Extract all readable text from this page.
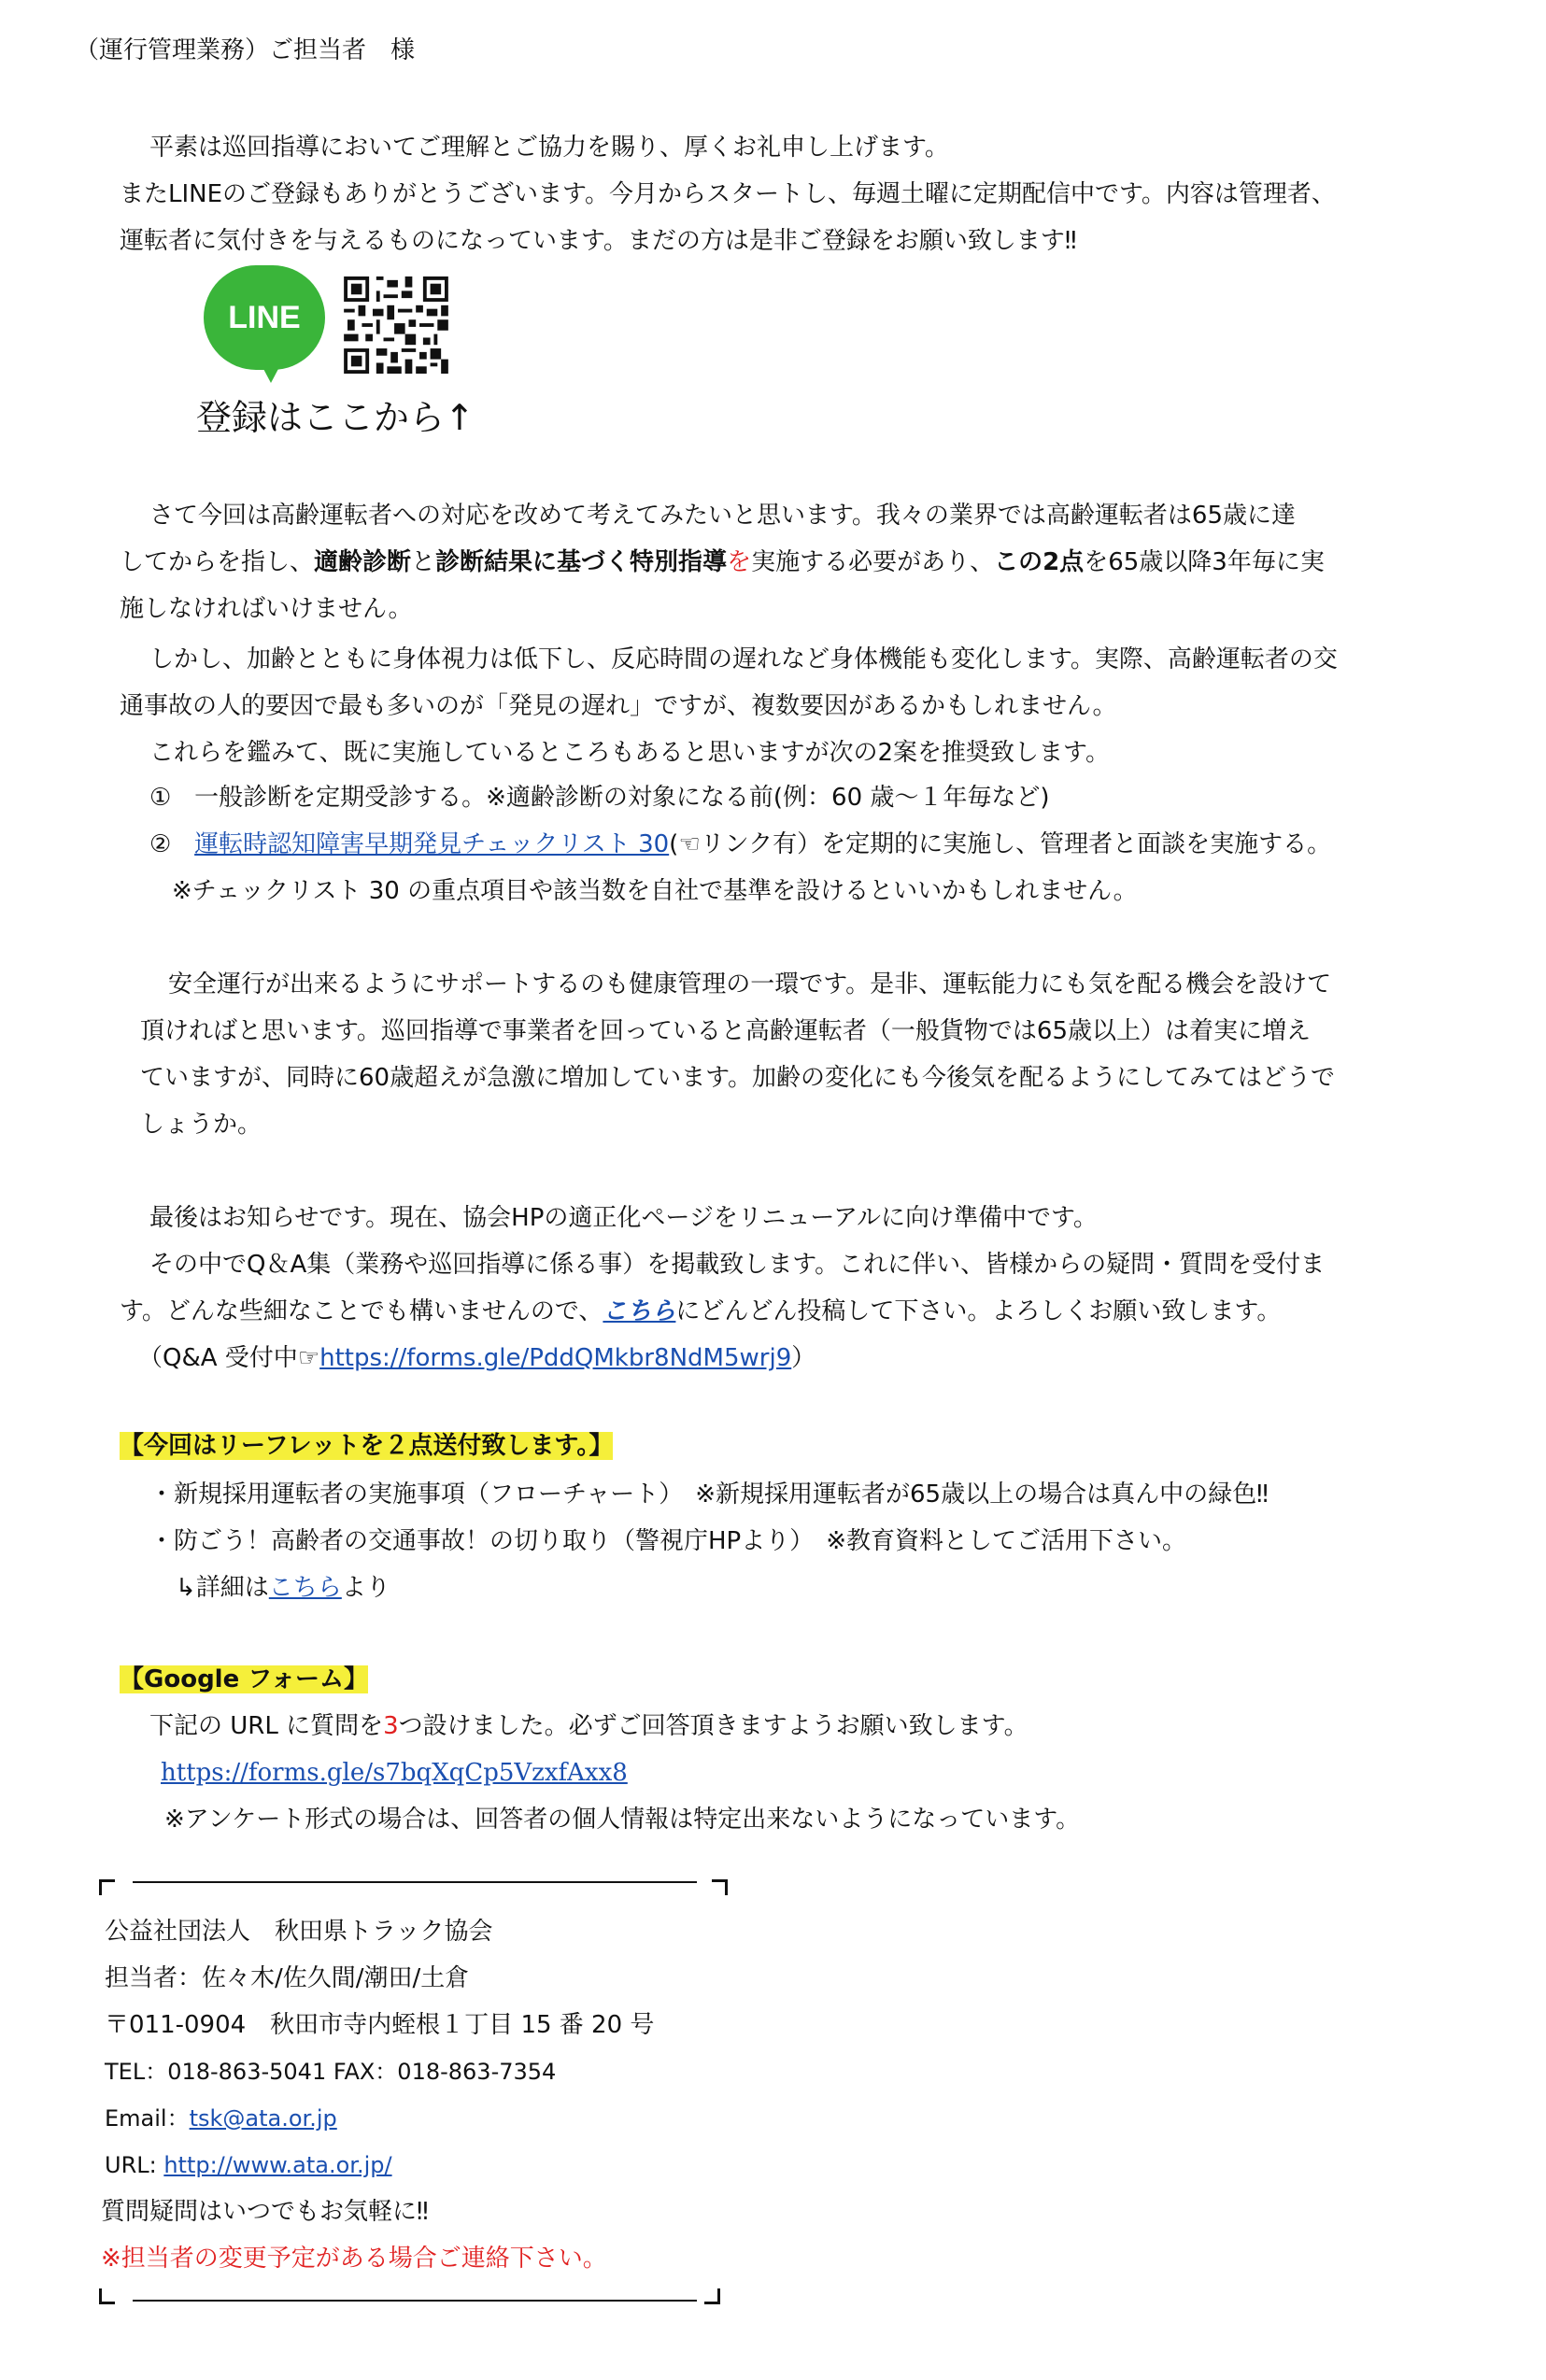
（運行管理業務）ご担当者　様
平素は巡回指導においてご理解とご協力を賜り、厚くお礼申し上げます。
またLINEのご登録もありがとうございます。今月からスタートし、毎週土曜に定期配信中です。内容は管理者、
運転者に気付きを与えるものになっています。まだの方は是非ご登録をお願い致します‼
LINE
登録はここから↑
さて今回は高齢運転者への対応を改めて考えてみたいと思います。我々の業界では高齢運転者は65歳に達
してからを指し、適齢診断と診断結果に基づく特別指導を実施する必要があり、この2点を65歳以降3年毎に実
施しなければいけません。
しかし、加齢とともに身体視力は低下し、反応時間の遅れなど身体機能も変化します。実際、高齢運転者の交
通事故の人的要因で最も多いのが「発見の遅れ」ですが、複数要因があるかもしれません。
これらを鑑みて、既に実施しているところもあると思いますが次の2案を推奨致します。
① 一般診断を定期受診する。※適齢診断の対象になる前(例：60 歳～１年毎など)
② 運転時認知障害早期発見チェックリスト 30(☜リンク有）を定期的に実施し、管理者と面談を実施する。
※チェックリスト 30 の重点項目や該当数を自社で基準を設けるといいかもしれません。
安全運行が出来るようにサポートするのも健康管理の一環です。是非、運転能力にも気を配る機会を設けて
頂ければと思います。巡回指導で事業者を回っていると高齢運転者（一般貨物では65歳以上）は着実に増え
ていますが、同時に60歳超えが急激に増加しています。加齢の変化にも今後気を配るようにしてみてはどうで
しょうか。
最後はお知らせです。現在、協会HPの適正化ページをリニューアルに向け準備中です。
その中でQ＆A集（業務や巡回指導に係る事）を掲載致します。これに伴い、皆様からの疑問・質問を受付ま
す。どんな些細なことでも構いませんので、こちらにどんどん投稿して下さい。よろしくお願い致します。
（Q&A 受付中☞https://forms.gle/PddQMkbr8NdM5wrj9）
【今回はリーフレットを２点送付致します。】
・新規採用運転者の実施事項（フローチャート）　※新規採用運転者が65歳以上の場合は真ん中の緑色‼
・防ごう！高齢者の交通事故！の切り取り（警視庁HPより）　※教育資料としてご活用下さい。
↳詳細はこちらより
【Google フォーム】
下記の URL に質問を3つ設けました。必ずご回答頂きますようお願い致します。
https://forms.gle/s7bqXqCp5VzxfAxx8
※アンケート形式の場合は、回答者の個人情報は特定出来ないようになっています。
公益社団法人　秋田県トラック協会
担当者：佐々木/佐久間/潮田/土倉
〒011-0904　秋田市寺内蛭根１丁目 15 番 20 号
TEL：018-863-5041 FAX：018-863-7354
Email：tsk@ata.or.jp
URL: http://www.ata.or.jp/
質問疑問はいつでもお気軽に‼
※担当者の変更予定がある場合ご連絡下さい。
